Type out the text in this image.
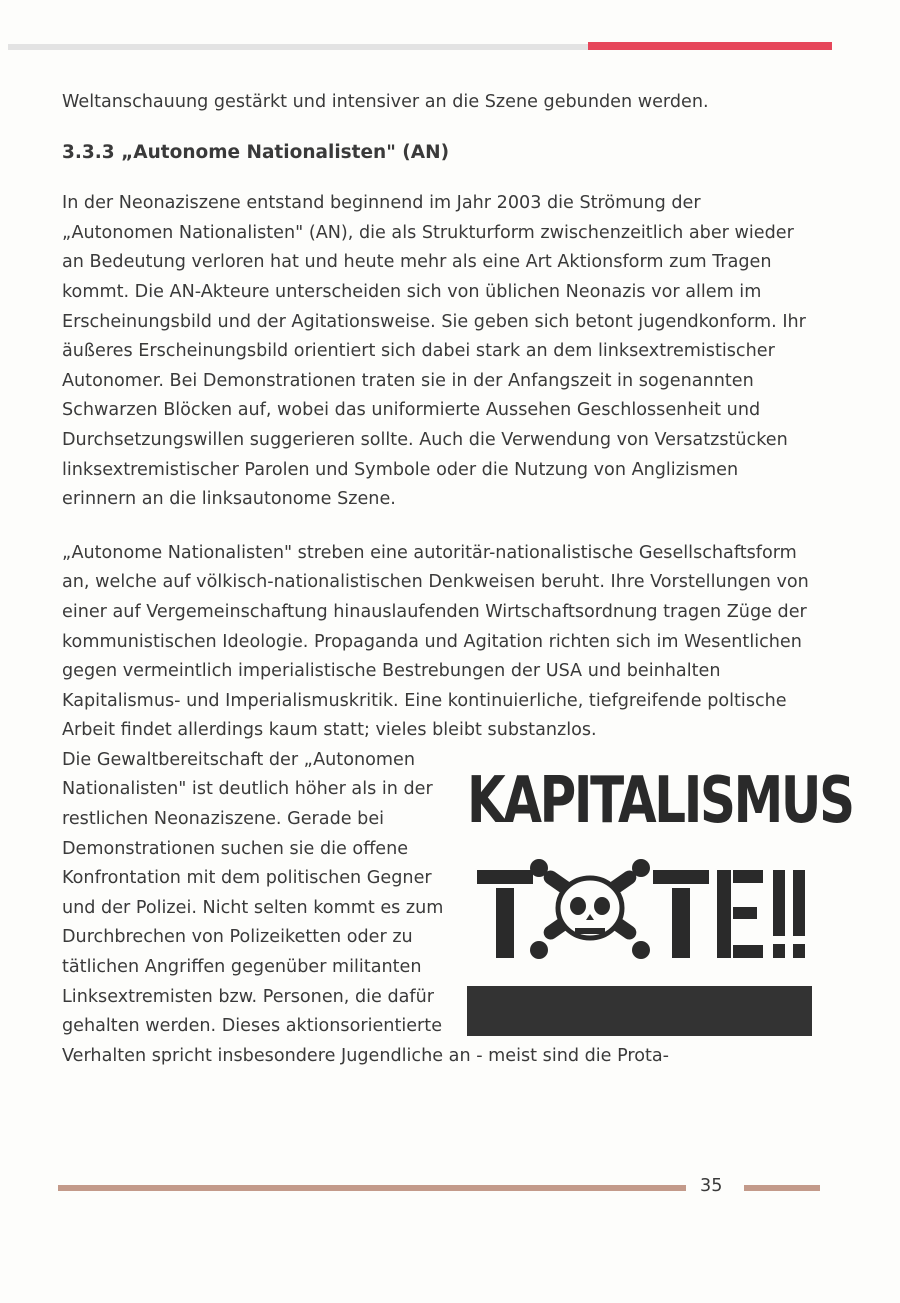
Weltanschauung gestärkt und intensiver an die Szene gebunden werden.

3.3.3 „Autonome Nationalisten" (AN)

In der Neonaziszene entstand beginnend im Jahr 2003 die Strömung der „Autonomen Nationalisten" (AN), die als Strukturform zwischenzeitlich aber wieder an Bedeutung verloren hat und heute mehr als eine Art Aktionsform zum Tragen kommt. Die AN-Akteure unterscheiden sich von üblichen Neonazis vor allem im Erscheinungsbild und der Agitationsweise. Sie geben sich betont jugendkonform. Ihr äußeres Erscheinungsbild orientiert sich dabei stark an dem linksextremistischer Autonomer. Bei Demonstrationen traten sie in der Anfangszeit in sogenannten Schwarzen Blöcken auf, wobei das uniformierte Aussehen Geschlossenheit und Durchsetzungswillen suggerieren sollte. Auch die Verwendung von Versatzstücken linksextremistischer Parolen und Symbole oder die Nutzung von Anglizismen erinnern an die linksautonome Szene.

„Autonome Nationalisten" streben eine autoritär-nationalistische Gesellschaftsform an, welche auf völkisch-nationalistischen Denkweisen beruht. Ihre Vorstellungen von einer auf Vergemeinschaftung hinauslaufenden Wirtschaftsordnung tragen Züge der kommunistischen Ideologie. Propaganda und Agitation richten sich im Wesentlichen gegen vermeintlich imperialistische Bestrebungen der USA und beinhalten Kapitalismus- und Imperialismuskritik. Eine kontinuierliche, tiefgreifende poltische Arbeit findet allerdings kaum statt; vieles bleibt substanzlos.

KAPITALISMUS
TÖTET!!

Die Gewaltbereitschaft der „Autonomen Nationalisten" ist deutlich höher als in der restlichen Neonaziszene. Gerade bei Demonstrationen suchen sie die offene Konfrontation mit dem politischen Gegner und der Polizei. Nicht selten kommt es zum Durchbrechen von Polizeiketten oder zu tätlichen Angriffen gegenüber militanten Linksextremisten bzw. Personen, die dafür gehalten werden. Dieses aktionsorientierte Verhalten spricht insbesondere Jugendliche an - meist sind die Prota-

35
